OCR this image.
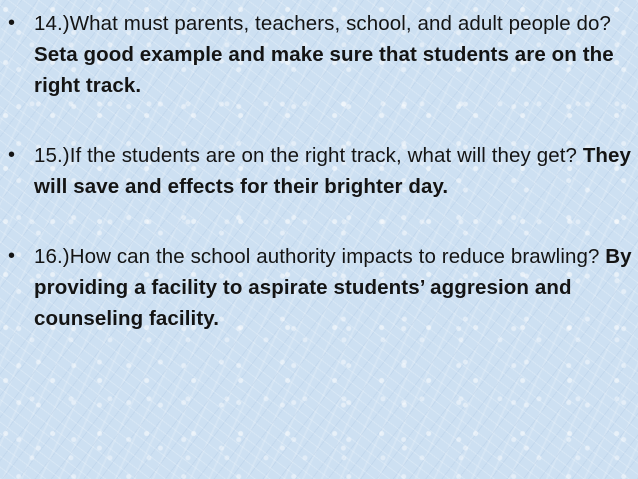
• 14.)What must parents, teachers, school, and adult people do? Seta good example and make sure that students are on the right track.
• 15.)If the students are on the right track, what will they get? They will save and effects for their brighter day.
• 16.)How can the school authority impacts to reduce brawling? By providing a facility to aspirate students’ aggresion and counseling facility.
